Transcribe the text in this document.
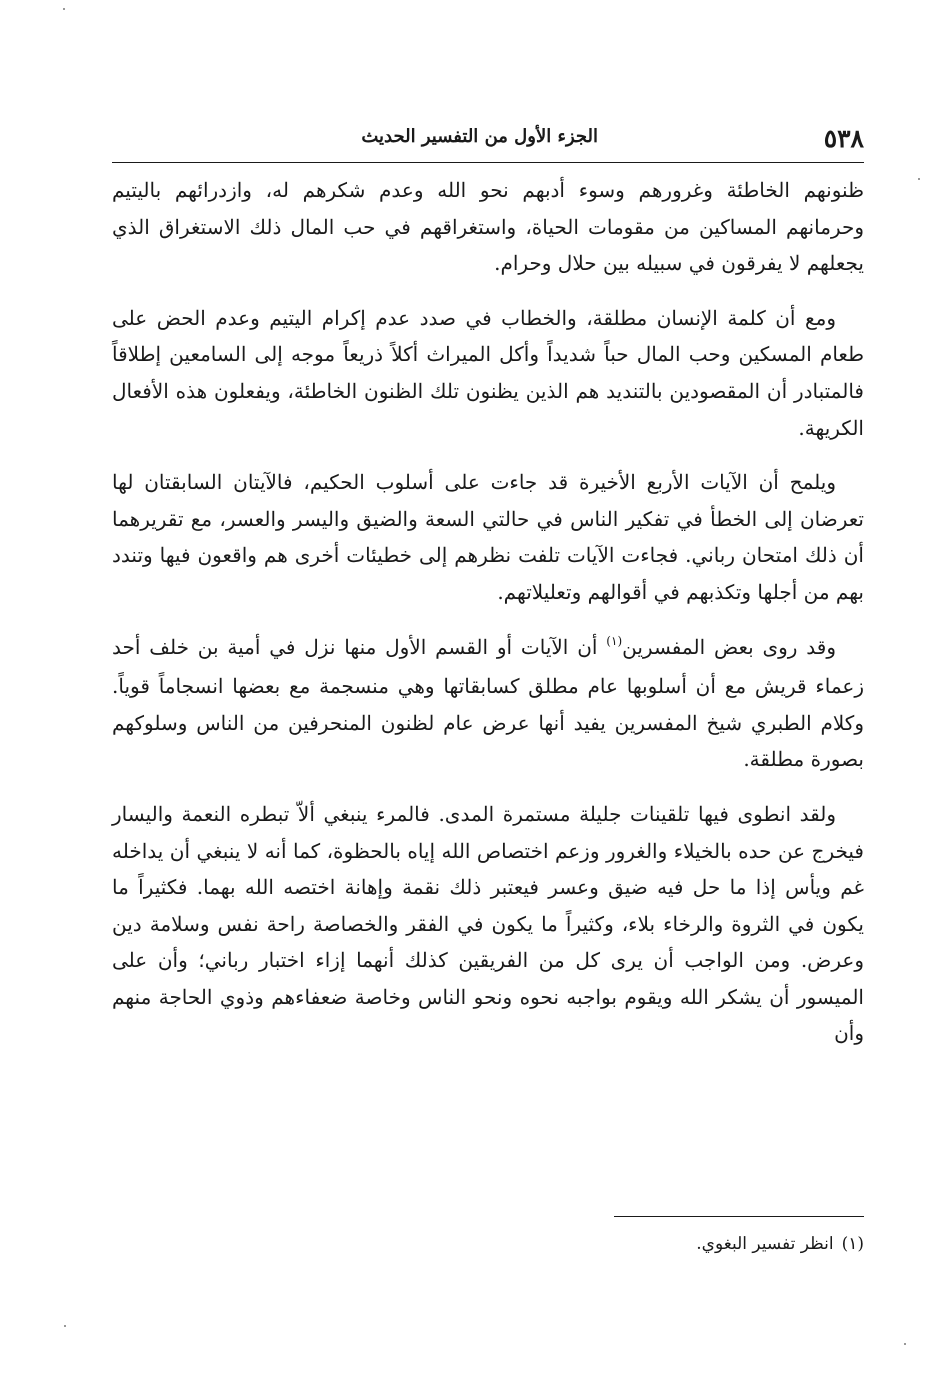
٥٣٨
الجزء الأول من التفسير الحديث

ظنونهم الخاطئة وغرورهم وسوء أدبهم نحو الله وعدم شكرهم له، وازدرائهم باليتيم وحرمانهم المساكين من مقومات الحياة، واستغراقهم في حب المال ذلك الاستغراق الذي يجعلهم لا يفرقون في سبيله بين حلال وحرام.

ومع أن كلمة الإنسان مطلقة، والخطاب في صدد عدم إكرام اليتيم وعدم الحض على طعام المسكين وحب المال حباً شديداً وأكل الميراث أكلاً ذريعاً موجه إلى السامعين إطلاقاً فالمتبادر أن المقصودين بالتنديد هم الذين يظنون تلك الظنون الخاطئة، ويفعلون هذه الأفعال الكريهة.

ويلمح أن الآيات الأربع الأخيرة قد جاءت على أسلوب الحكيم، فالآيتان السابقتان لها تعرضان إلى الخطأ في تفكير الناس في حالتي السعة والضيق واليسر والعسر، مع تقريرهما أن ذلك امتحان رباني. فجاءت الآيات تلفت نظرهم إلى خطيئات أخرى هم واقعون فيها وتندد بهم من أجلها وتكذبهم في أقوالهم وتعليلاتهم.

وقد روى بعض المفسرين$^{(١)}$ أن الآيات أو القسم الأول منها نزل في أمية بن خلف أحد زعماء قريش مع أن أسلوبها عام مطلق كسابقاتها وهي منسجمة مع بعضها انسجاماً قوياً. وكلام الطبري شيخ المفسرين يفيد أنها عرض عام لظنون المنحرفين من الناس وسلوكهم بصورة مطلقة.

ولقد انطوى فيها تلقينات جليلة مستمرة المدى. فالمرء ينبغي ألاّ تبطره النعمة واليسار فيخرج عن حده بالخيلاء والغرور وزعم اختصاص الله إياه بالحظوة، كما أنه لا ينبغي أن يداخله غم ويأس إذا ما حل فيه ضيق وعسر فيعتبر ذلك نقمة وإهانة اختصه الله بهما. فكثيراً ما يكون في الثروة والرخاء بلاء، وكثيراً ما يكون في الفقر والخصاصة راحة نفس وسلامة دين وعرض. ومن الواجب أن يرى كل من الفريقين كذلك أنهما إزاء اختبار رباني؛ وأن على الميسور أن يشكر الله ويقوم بواجبه نحوه ونحو الناس وخاصة ضعفاءهم وذوي الحاجة منهم وأن

(١)انظر تفسير البغوي.
